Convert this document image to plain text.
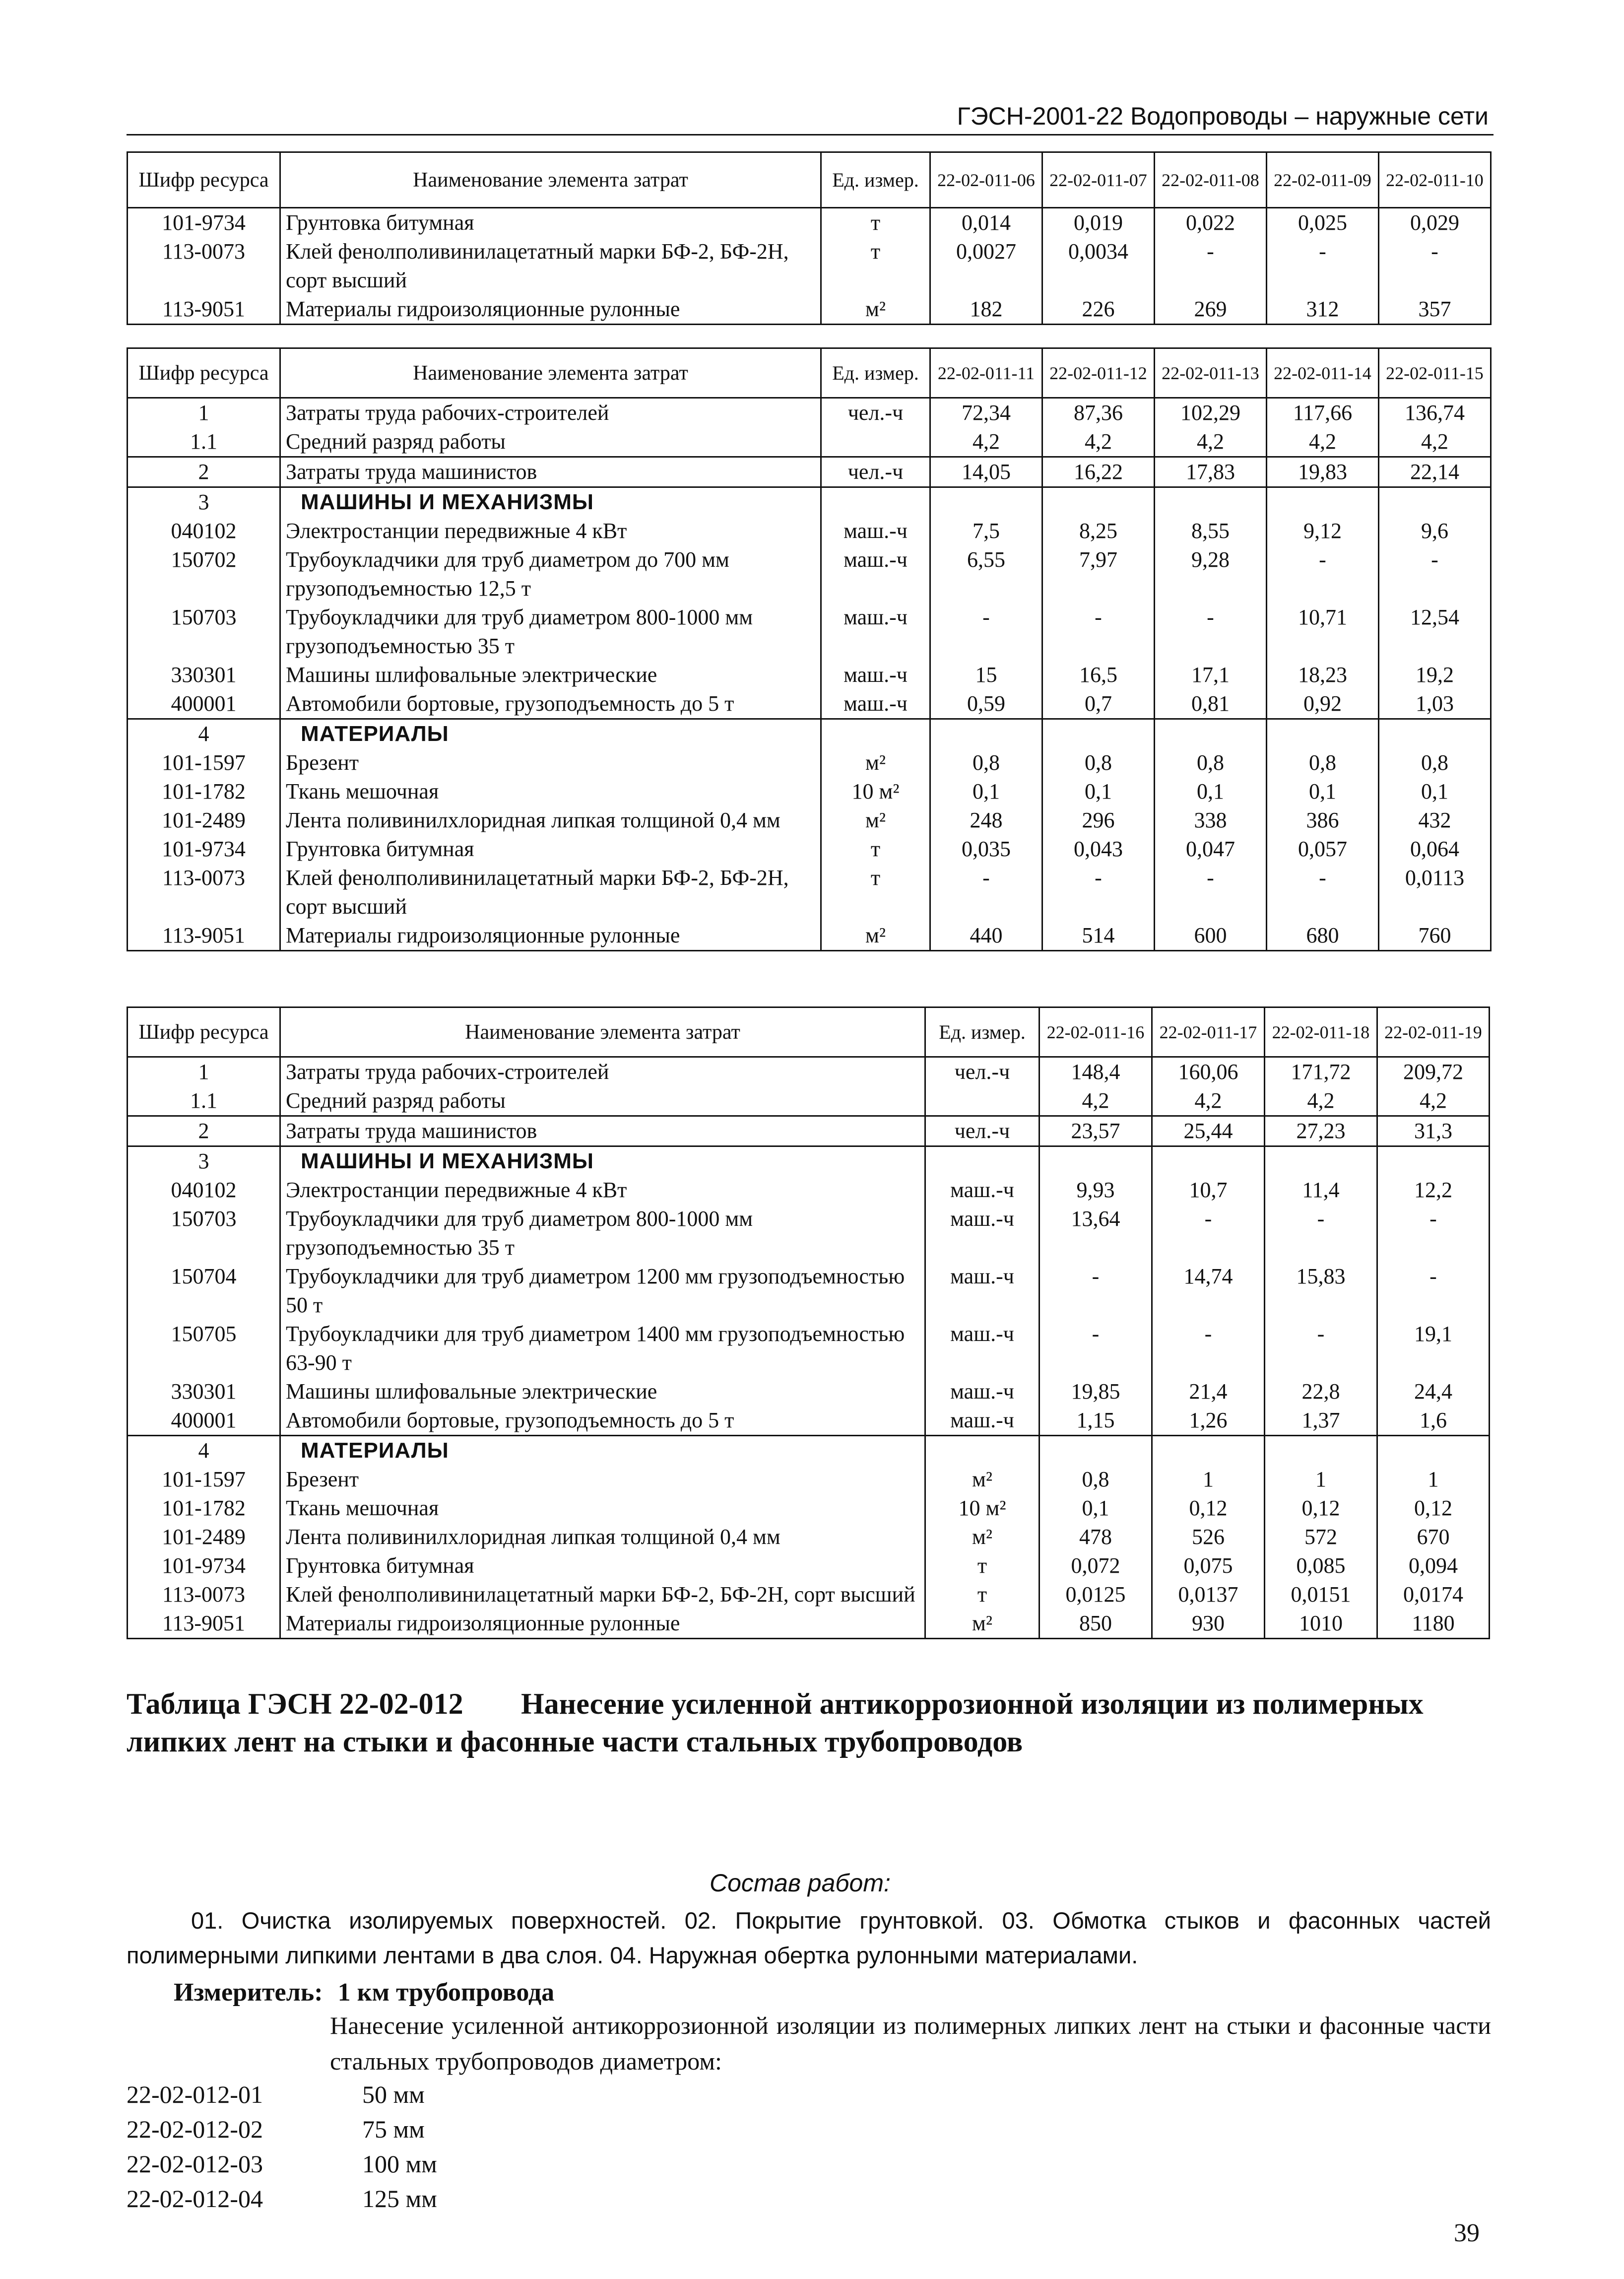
ГЭСН-2001-22 Водопроводы – наружные сети
Шифр ресурса	Наименование элемента затрат	Ед. измер.	22-02-011-06	22-02-011-07	22-02-011-08	22-02-011-09	22-02-011-10
101-9734	Грунтовка битумная	т	0,014	0,019	0,022	0,025	0,029
113-0073	Клей фенолполивинилацетатный марки БФ-2, БФ-2Н, сорт высший	т	0,0027	0,0034	-	-	-
113-9051	Материалы гидроизоляционные рулонные	м²	182	226	269	312	357
Шифр ресурса	Наименование элемента затрат	Ед. измер.	22-02-011-11	22-02-011-12	22-02-011-13	22-02-011-14	22-02-011-15
1	Затраты труда рабочих-строителей	чел.-ч	72,34	87,36	102,29	117,66	136,74
1.1	Средний разряд работы		4,2	4,2	4,2	4,2	4,2
2	Затраты труда машинистов	чел.-ч	14,05	16,22	17,83	19,83	22,14
3	МАШИНЫ И МЕХАНИЗМЫ						
040102	Электростанции передвижные 4 кВт	маш.-ч	7,5	8,25	8,55	9,12	9,6
150702	Трубоукладчики для труб диаметром до 700 мм грузоподъемностью 12,5 т	маш.-ч	6,55	7,97	9,28	-	-
150703	Трубоукладчики для труб диаметром 800-1000 мм грузоподъемностью 35 т	маш.-ч	-	-	-	10,71	12,54
330301	Машины шлифовальные электрические	маш.-ч	15	16,5	17,1	18,23	19,2
400001	Автомобили бортовые, грузоподъемность до 5 т	маш.-ч	0,59	0,7	0,81	0,92	1,03
4	МАТЕРИАЛЫ						
101-1597	Брезент	м²	0,8	0,8	0,8	0,8	0,8
101-1782	Ткань мешочная	10 м²	0,1	0,1	0,1	0,1	0,1
101-2489	Лента поливинилхлоридная липкая толщиной 0,4 мм	м²	248	296	338	386	432
101-9734	Грунтовка битумная	т	0,035	0,043	0,047	0,057	0,064
113-0073	Клей фенолполивинилацетатный марки БФ-2, БФ-2Н, сорт высший	т	-	-	-	-	0,0113
113-9051	Материалы гидроизоляционные рулонные	м²	440	514	600	680	760
Шифр ресурса	Наименование элемента затрат	Ед. измер.	22-02-011-16	22-02-011-17	22-02-011-18	22-02-011-19
1	Затраты труда рабочих-строителей	чел.-ч	148,4	160,06	171,72	209,72
1.1	Средний разряд работы		4,2	4,2	4,2	4,2
2	Затраты труда машинистов	чел.-ч	23,57	25,44	27,23	31,3
3	МАШИНЫ И МЕХАНИЗМЫ					
040102	Электростанции передвижные 4 кВт	маш.-ч	9,93	10,7	11,4	12,2
150703	Трубоукладчики для труб диаметром 800-1000 мм грузоподъемностью 35 т	маш.-ч	13,64	-	-	-
150704	Трубоукладчики для труб диаметром 1200 мм грузоподъемностью 50 т	маш.-ч	-	14,74	15,83	-
150705	Трубоукладчики для труб диаметром 1400 мм грузоподъемностью 63-90 т	маш.-ч	-	-	-	19,1
330301	Машины шлифовальные электрические	маш.-ч	19,85	21,4	22,8	24,4
400001	Автомобили бортовые, грузоподъемность до 5 т	маш.-ч	1,15	1,26	1,37	1,6
4	МАТЕРИАЛЫ					
101-1597	Брезент	м²	0,8	1	1	1
101-1782	Ткань мешочная	10 м²	0,1	0,12	0,12	0,12
101-2489	Лента поливинилхлоридная липкая толщиной 0,4 мм	м²	478	526	572	670
101-9734	Грунтовка битумная	т	0,072	0,075	0,085	0,094
113-0073	Клей фенолполивинилацетатный марки БФ-2, БФ-2Н, сорт высший	т	0,0125	0,0137	0,0151	0,0174
113-9051	Материалы гидроизоляционные рулонные	м²	850	930	1010	1180
Таблица ГЭСН 22-02-012 Нанесение усиленной антикоррозионной изоляции из полимерных липких лент на стыки и фасонные части стальных трубопроводов
Состав работ:
01. Очистка изолируемых поверхностей. 02. Покрытие грунтовкой. 03. Обмотка стыков и фасонных частей полимерными липкими лентами в два слоя. 04. Наружная обертка рулонными материалами.
Измеритель: 1 км трубопровода
Нанесение усиленной антикоррозионной изоляции из полимерных липких лент на стыки и фасонные части стальных трубопроводов диаметром:
22-02-012-01	50 мм
22-02-012-02	75 мм
22-02-012-03	100 мм
22-02-012-04	125 мм
39
